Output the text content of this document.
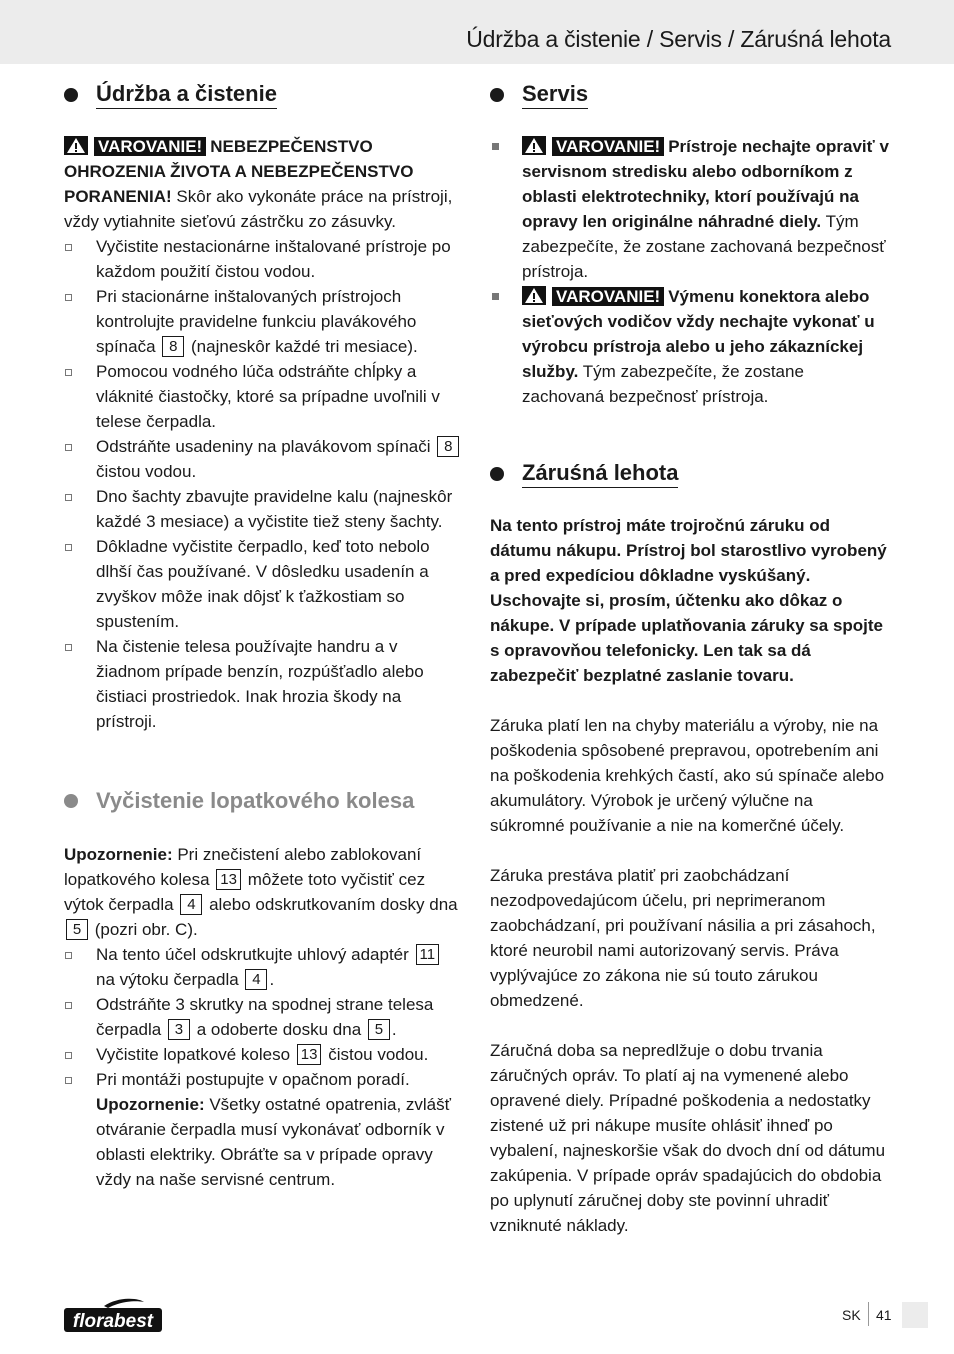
Údržba a čistenie / Servis / Záruśná lehota
Údržba a čistenie

VAROVANIE! NEBEZPEČENSTVO OHROZENIA ŽIVOTA A NEBEZPEČENSTVO PORANENIA! Skôr ako vykonáte práce na prístroji, vždy vytiahnite sieťovú zástrčku zo zásuvky.

Vyčistite nestacionárne inštalované prístroje po každom použití čistou vodou.
Pri stacionárne inštalovaných prístrojoch kontrolujte pravidelne funkciu plavákového spínača 8 (najneskôr každé tri mesiace).
Pomocou vodného lúča odstráňte chĺpky a vláknité čiastočky, ktoré sa prípadne uvoľnili v telese čerpadla.
Odstráňte usadeniny na plavákovom spínači 8 čistou vodou.
Dno šachty zbavujte pravidelne kalu (najneskôr každé 3 mesiace) a vyčistite tiež steny šachty.
Dôkladne vyčistite čerpadlo, keď toto nebolo dlhší čas používané. V dôsledku usadenín a zvyškov môže inak dôjsť k ťažkostiam so spustením.
Na čistenie telesa používajte handru a v žiadnom prípade benzín, rozpúšťadlo alebo čistiaci prostriedok. Inak hrozia škody na prístroji.
Vyčistenie lopatkového kolesa

Upozornenie: Pri znečistení alebo zablokovaní lopatkového kolesa 13 môžete toto vyčistiť cez výtok čerpadla 4 alebo odskrutkovaním dosky dna 5 (pozri obr. C).

Na tento účel odskrutkujte uhlový adaptér 11 na výtoku čerpadla 4 .
Odstráňte 3 skrutky na spodnej strane telesa čerpadla 3 a odoberte dosku dna 5 .
Vyčistite lopatkové koleso 13 čistou vodou.
Pri montáži postupujte v opačnom poradí.
Upozornenie: Všetky ostatné opatrenia, zvlášť otváranie čerpadla musí vykonávať odborník v oblasti elektriky. Obráťte sa v prípade opravy vždy na naše servisné centrum.
Servis
VAROVANIE! Prístroje nechajte opraviť v servisnom stredisku alebo odborníkom z oblasti elektrotechniky, ktorí používajú na opravy len originálne náhradné diely. Tým zabezpečíte, že zostane zachovaná bezpečnosť prístroja.
VAROVANIE! Výmenu konektora alebo sieťových vodičov vždy nechajte vykonať u výrobcu prístroja alebo u jeho zákazníckej služby. Tým zabezpečíte, že zostane zachovaná bezpečnosť prístroja.
Záruśná lehota

Na tento prístroj máte trojročnú záruku od dátumu nákupu. Prístroj bol starostlivo vyrobený a pred expedíciou dôkladne vyskúšaný. Uschovajte si, prosím, účtenku ako dôkaz o nákupe. V prípade uplatňovania záruky sa spojte s opravovňou telefonicky. Len tak sa dá zabezpečiť bezplatné zaslanie tovaru.

Záruka platí len na chyby materiálu a výroby, nie na poškodenia spôsobené prepravou, opotrebením ani na poškodenia krehkých častí, ako sú spínače alebo akumulátory. Výrobok je určený výlučne na súkromné používanie a nie na komerčné účely.

Záruka prestáva platiť pri zaobchádzaní nezodpovedajúcom účelu, pri neprimeranom zaobchádzaní, pri používaní násilia a pri zásahoch, ktoré neurobil nami autorizovaný servis. Práva vyplývajúce zo zákona nie sú touto zárukou obmedzené.

Záručná doba sa nepredlžuje o dobu trvania záručných opráv. To platí aj na vymenené alebo opravené diely. Prípadné poškodenia a nedostatky zistené už pri nákupe musíte ohlásiť ihneď po vybalení, najneskoršie však do dvoch dní od dátumu zakúpenia. V prípade opráv spadajúcich do obdobia po uplynutí záručnej doby ste povinní uhradiť vzniknuté náklady.

florabest	SK 41
